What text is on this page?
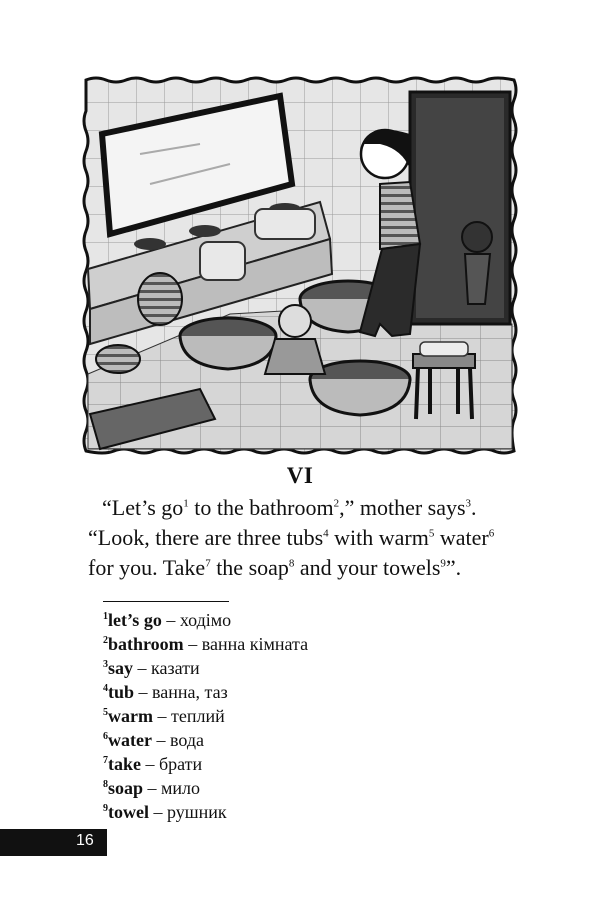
VI

“Let’s $go^1$ to the bathroom$^2$,” mother says$^3$.

“Look, there are three tubs$^4$ with warm$^5$ water$^6$

for you. Take$^7$ the soap$^8$ and your towels$^9$”.

$^1$let’s go – ходімо
$^2$bathroom – ванна кімната
$^3$say – казати
$^4$tub – ванна, таз
$^5$warm – теплий
$^6$water – вода
$^7$take – брати
$^8$soap – мило
$^9$towel – рушник
16
